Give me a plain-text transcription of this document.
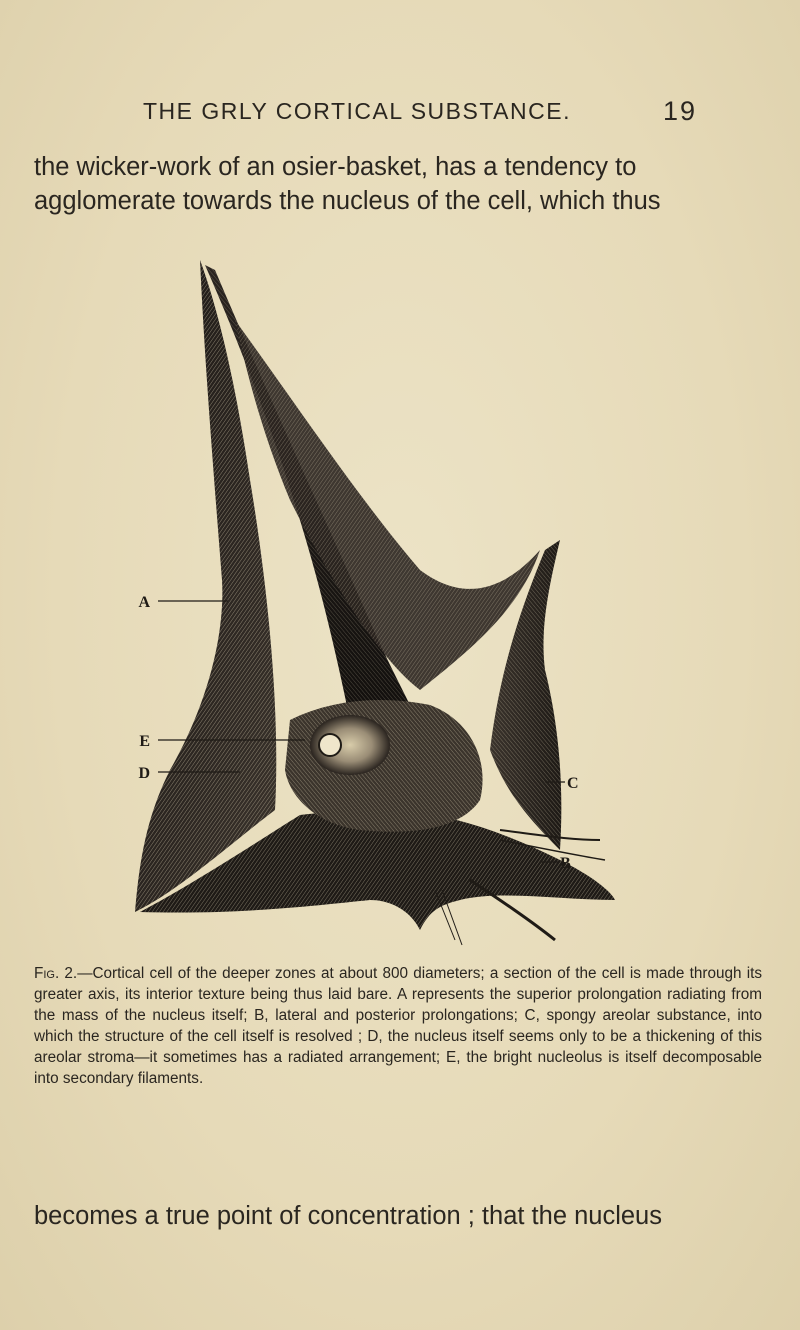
THE GRLY CORTICAL SUBSTANCE.	19
the wicker-work of an osier-basket, has a tendency to
agglomerate towards the nucleus of the cell, which thus
A
E
D
C
B
Fig. 2.—Cortical cell of the deeper zones at about 800 diameters; a section of the cell is made through its greater axis, its interior texture being thus laid bare. A represents the superior prolongation radiating from the mass of the nucleus itself; B, lateral and posterior prolongations; C, spongy areolar substance, into which the structure of the cell itself is resolved ; D, the nucleus itself seems only to be a thickening of this areolar stroma—it sometimes has a radiated arrangement; E, the bright nucleolus is itself decomposable into secondary filaments.
becomes a true point of concentration ; that the nucleus
